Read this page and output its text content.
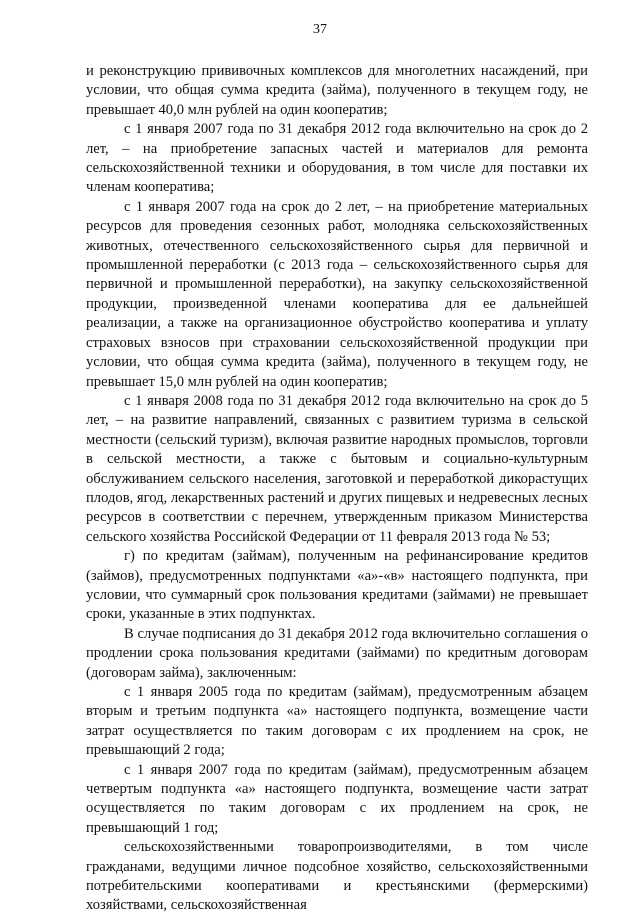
37

и реконструкцию прививочных комплексов для многолетних насаждений, при условии, что общая сумма кредита (займа), полученного в текущем году, не превышает 40,0 млн рублей на один кооператив;

с 1 января 2007 года по 31 декабря 2012 года включительно на срок до 2 лет, – на приобретение запасных частей и материалов для ремонта сельскохозяйственной техники и оборудования, в том числе для поставки их членам кооператива;

с 1 января 2007 года на срок до 2 лет, – на приобретение материальных ресурсов для проведения сезонных работ, молодняка сельскохозяйственных животных, отечественного сельскохозяйственного сырья для первичной и промышленной переработки (с 2013 года – сельскохозяйственного сырья для первичной и промышленной переработки), на закупку сельскохозяйственной продукции, произведенной членами кооператива для ее дальнейшей реализации, а также на организационное обустройство кооператива и уплату страховых взносов при страховании сельскохозяйственной продукции при условии, что общая сумма кредита (займа), полученного в текущем году, не превышает 15,0 млн рублей на один кооператив;

с 1 января 2008 года по 31 декабря 2012 года включительно на срок до 5 лет, – на развитие направлений, связанных с развитием туризма в сельской местности (сельский туризм), включая развитие народных промыслов, торговли в сельской местности, а также с бытовым и социально-культурным обслуживанием сельского населения, заготовкой и переработкой дикорастущих плодов, ягод, лекарственных растений и других пищевых и недревесных лесных ресурсов в соответствии с перечнем, утвержденным приказом Министерства сельского хозяйства Российской Федерации от 11 февраля 2013 года № 53;

г) по кредитам (займам), полученным на рефинансирование кредитов (займов), предусмотренных подпунктами «а»-«в» настоящего подпункта, при условии, что суммарный срок пользования кредитами (займами) не превышает сроки, указанные в этих подпунктах.

В случае подписания до 31 декабря 2012 года включительно соглашения о продлении срока пользования кредитами (займами) по кредитным договорам (договорам займа), заключенным:

с 1 января 2005 года по кредитам (займам), предусмотренным абзацем вторым и третьим подпункта «а» настоящего подпункта, возмещение части затрат осуществляется по таким договорам с их продлением на срок, не превышающий 2 года;

с 1 января 2007 года по кредитам (займам), предусмотренным абзацем четвертым подпункта «а» настоящего подпункта, возмещение части затрат осуществляется по таким договорам с их продлением на срок, не превышающий 1 год;

сельскохозяйственными товаропроизводителями, в том числе гражданами, ведущими личное подсобное хозяйство, сельскохозяйственными потребительскими кооперативами и крестьянскими (фермерскими) хозяйствами, сельскохозяйственная
